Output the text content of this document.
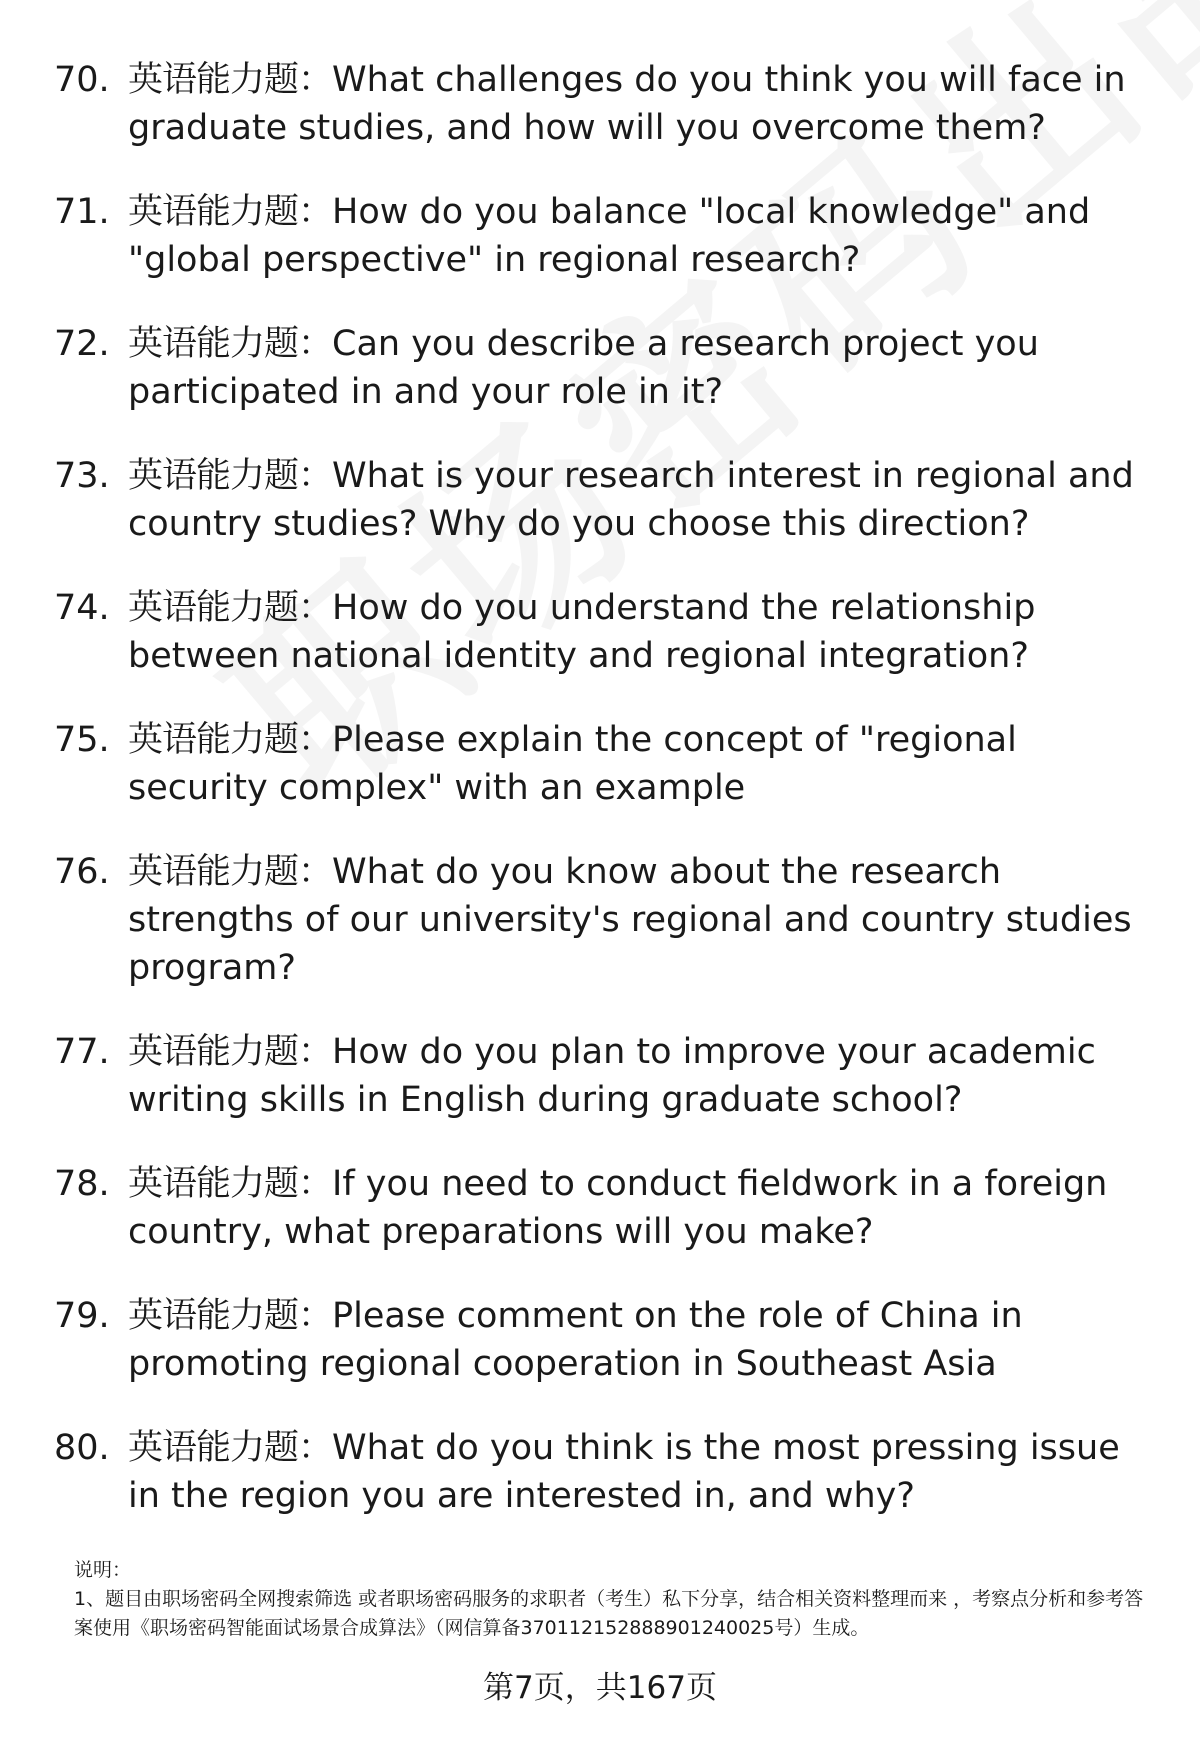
70. 英语能力题：What challenges do you think you will face in graduate studies, and how will you overcome them?
71. 英语能力题：How do you balance "local knowledge" and "global perspective" in regional research?
72. 英语能力题：Can you describe a research project you participated in and your role in it?
73. 英语能力题：What is your research interest in regional and country studies? Why do you choose this direction?
74. 英语能力题：How do you understand the relationship between national identity and regional integration?
75. 英语能力题：Please explain the concept of "regional security complex" with an example
76. 英语能力题：What do you know about the research strengths of our university's regional and country studies program?
77. 英语能力题：How do you plan to improve your academic writing skills in English during graduate school?
78. 英语能力题：If you need to conduct fieldwork in a foreign country, what preparations will you make?
79. 英语能力题：Please comment on the role of China in promoting regional cooperation in Southeast Asia
80. 英语能力题：What do you think is the most pressing issue in the region you are interested in, and why?

说明：

1、题目由职场密码全网搜索筛选 或者职场密码服务的求职者（考生）私下分享，结合相关资料整理而来 ，考察点分析和参考答案使用《职场密码智能面试场景合成算法》（网信算备370112152888901240025号）生成。

第7页，共167页
